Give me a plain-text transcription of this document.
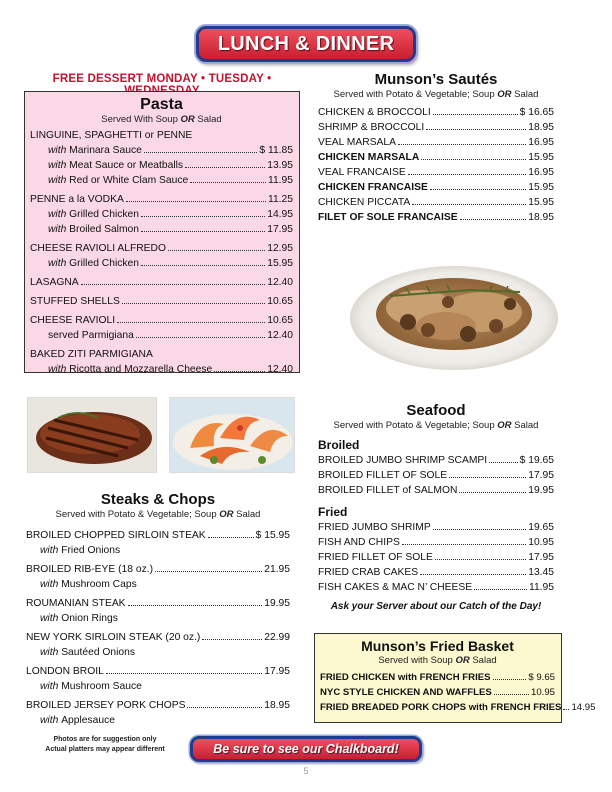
LUNCH & DINNER
FREE DESSERT MONDAY • TUESDAY •
Pasta
Served With Soup OR Salad
LINGUINE, SPAGHETTI or PENNE
with Marinara Sauce	$ 11.85
with Meat Sauce or Meatballs	13.95
with Red or White Clam Sauce	11.95
PENNE a la VODKA	11.25
with Grilled Chicken	14.95
with Broiled Salmon	17.95
CHEESE RAVIOLI ALFREDO	12.95
with Grilled Chicken	15.95
LASAGNA	12.40
STUFFED SHELLS	10.65
CHEESE RAVIOLI	10.65
served Parmigiana	12.40
BAKED ZITI PARMIGIANA
with Ricotta and Mozzarella Cheese	12.40
Munson’s Sautés
Served with Potato & Vegetable; Soup OR Salad
CHICKEN & BROCCOLI	$ 16.65
SHRIMP & BROCCOLI	18.95
VEAL MARSALA	16.95
CHICKEN MARSALA	15.95
VEAL FRANCAISE	16.95
CHICKEN FRANCAISE	15.95
CHICKEN PICCATA	15.95
FILET OF SOLE FRANCAISE	18.95
Seafood
Served with Potato & Vegetable; Soup OR Salad
Broiled
BROILED JUMBO SHRIMP SCAMPI	$ 19.65
BROILED FILLET OF SOLE	17.95
BROILED FILLET of SALMON	19.95
Fried
FRIED JUMBO SHRIMP	19.65
FISH AND CHIPS	10.95
FRIED FILLET OF SOLE	17.95
FRIED CRAB CAKES	13.45
FISH CAKES & MAC N’ CHEESE	11.95
Ask your Server about our Catch of the Day!
Steaks & Chops
Served with Potato & Vegetable; Soup OR Salad
BROILED CHOPPED SIRLOIN STEAK	$ 15.95
with Fried Onions
BROILED RIB-EYE (18 oz.)	21.95
with Mushroom Caps
ROUMANIAN STEAK	19.95
with Onion Rings
NEW YORK SIRLOIN STEAK (20 oz.)	22.99
with Sautéed Onions
LONDON BROIL	17.95
with Mushroom Sauce
BROILED JERSEY PORK CHOPS	18.95
with Applesauce
Munson’s Fried Basket
Served with Soup OR Salad
FRIED CHICKEN with FRENCH FRIES	$ 9.65
NYC STYLE CHICKEN AND WAFFLES	10.95
FRIED BREADED PORK CHOPS with FRENCH FRIES 14.95
Photos are for suggestion only
Actual platters may appear different	Be sure to see our Chalkboard!
5
